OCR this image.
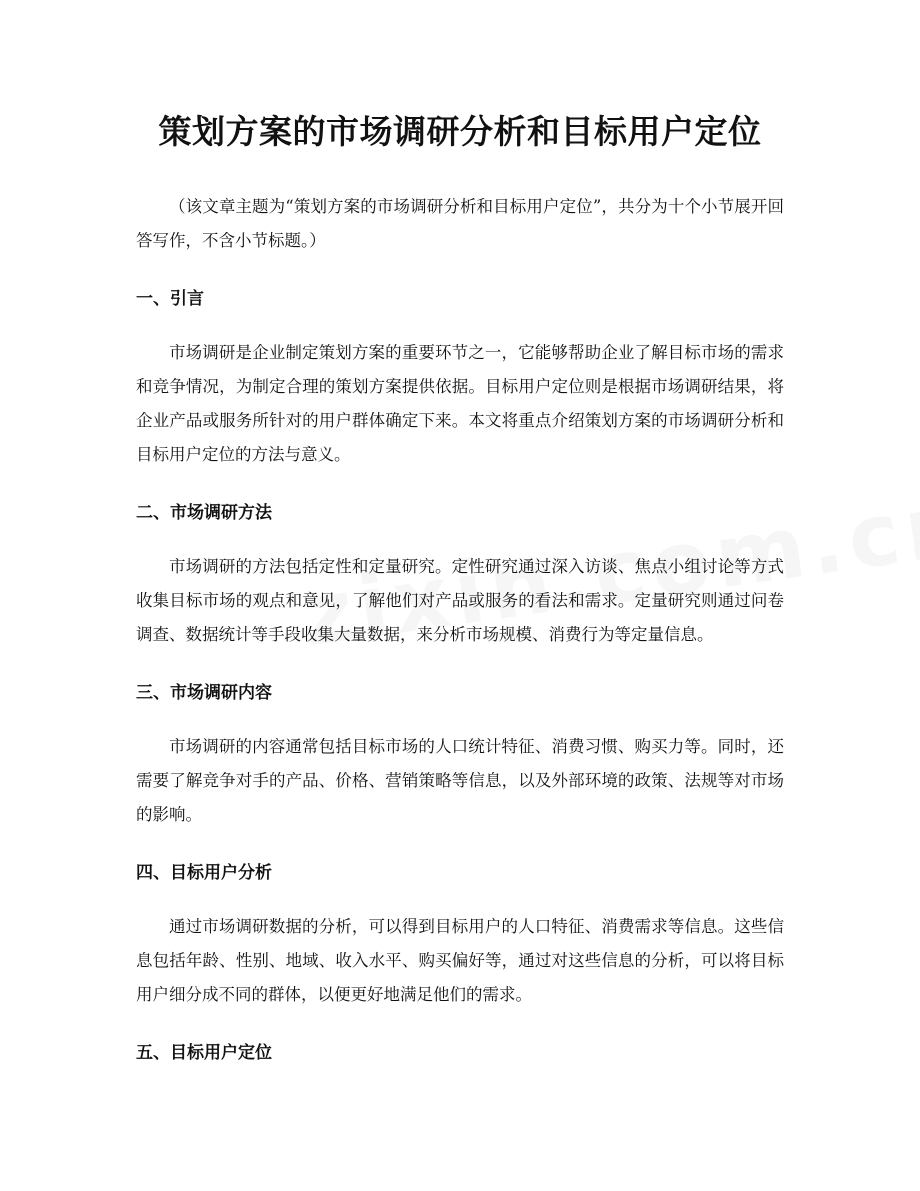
策划方案的市场调研分析和目标用户定位

（该文章主题为“策划方案的市场调研分析和目标用户定位”，共分为十个小节展开回答写作，不含小节标题。）

一、引言

市场调研是企业制定策划方案的重要环节之一，它能够帮助企业了解目标市场的需求和竞争情况，为制定合理的策划方案提供依据。目标用户定位则是根据市场调研结果，将企业产品或服务所针对的用户群体确定下来。本文将重点介绍策划方案的市场调研分析和目标用户定位的方法与意义。

二、市场调研方法

市场调研的方法包括定性和定量研究。定性研究通过深入访谈、焦点小组讨论等方式收集目标市场的观点和意见，了解他们对产品或服务的看法和需求。定量研究则通过问卷调查、数据统计等手段收集大量数据，来分析市场规模、消费行为等定量信息。

三、市场调研内容

市场调研的内容通常包括目标市场的人口统计特征、消费习惯、购买力等。同时，还需要了解竞争对手的产品、价格、营销策略等信息，以及外部环境的政策、法规等对市场的影响。

四、目标用户分析

通过市场调研数据的分析，可以得到目标用户的人口特征、消费需求等信息。这些信息包括年龄、性别、地域、收入水平、购买偏好等，通过对这些信息的分析，可以将目标用户细分成不同的群体，以便更好地满足他们的需求。

五、目标用户定位
